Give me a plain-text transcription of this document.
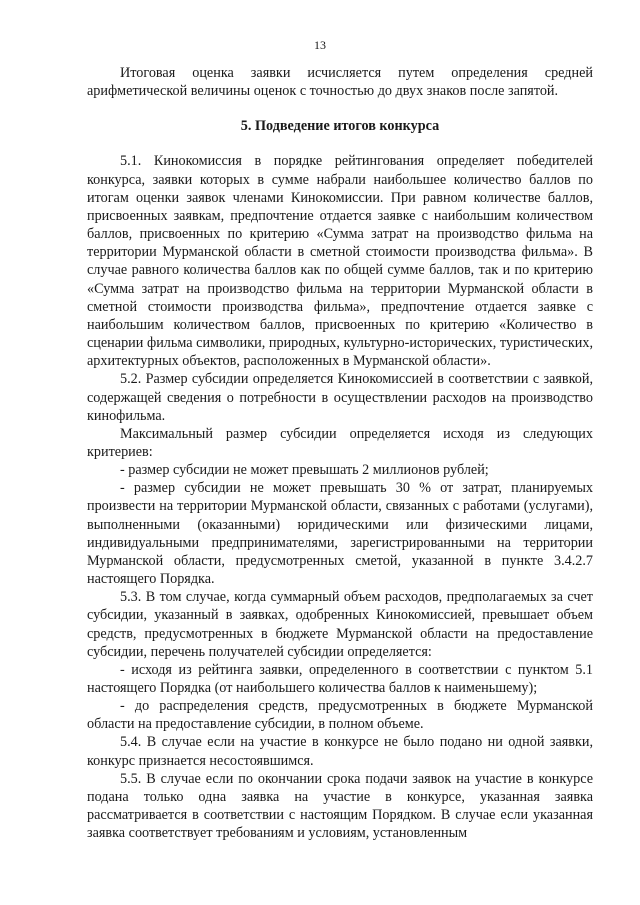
13

Итоговая оценка заявки исчисляется путем определения средней арифметической величины оценок с точностью до двух знаков после запятой.

5. Подведение итогов конкурса

5.1. Кинокомиссия в порядке рейтингования определяет победителей конкурса, заявки которых в сумме набрали наибольшее количество баллов по итогам оценки заявок членами Кинокомиссии. При равном количестве баллов, присвоенных заявкам, предпочтение отдается заявке с наибольшим количеством баллов, присвоенных по критерию «Сумма затрат на производство фильма на территории Мурманской области в сметной стоимости производства фильма». В случае равного количества баллов как по общей сумме баллов, так и по критерию «Сумма затрат на производство фильма на территории Мурманской области в сметной стоимости производства фильма», предпочтение отдается заявке с наибольшим количеством баллов, присвоенных по критерию «Количество в сценарии фильма символики, природных, культурно-исторических, туристических, архитектурных объектов, расположенных в Мурманской области».

5.2. Размер субсидии определяется Кинокомиссией в соответствии с заявкой, содержащей сведения о потребности в осуществлении расходов на производство кинофильма.

Максимальный размер субсидии определяется исходя из следующих критериев:

- размер субсидии не может превышать 2 миллионов рублей;

- размер субсидии не может превышать 30 % от затрат, планируемых произвести на территории Мурманской области, связанных с работами (услугами), выполненными (оказанными) юридическими или физическими лицами, индивидуальными предпринимателями, зарегистрированными на территории Мурманской области, предусмотренных сметой, указанной в пункте 3.4.2.7 настоящего Порядка.

5.3. В том случае, когда суммарный объем расходов, предполагаемых за счет субсидии, указанный в заявках, одобренных Кинокомиссией, превышает объем средств, предусмотренных в бюджете Мурманской области на предоставление субсидии, перечень получателей субсидии определяется:

- исходя из рейтинга заявки, определенного в соответствии с пунктом 5.1 настоящего Порядка (от наибольшего количества баллов к наименьшему);

- до распределения средств, предусмотренных в бюджете Мурманской области на предоставление субсидии, в полном объеме.

5.4. В случае если на участие в конкурсе не было подано ни одной заявки, конкурс признается несостоявшимся.

5.5. В случае если по окончании срока подачи заявок на участие в конкурсе подана только одна заявка на участие в конкурсе, указанная заявка рассматривается в соответствии с настоящим Порядком. В случае если указанная заявка соответствует требованиям и условиям, установленным
